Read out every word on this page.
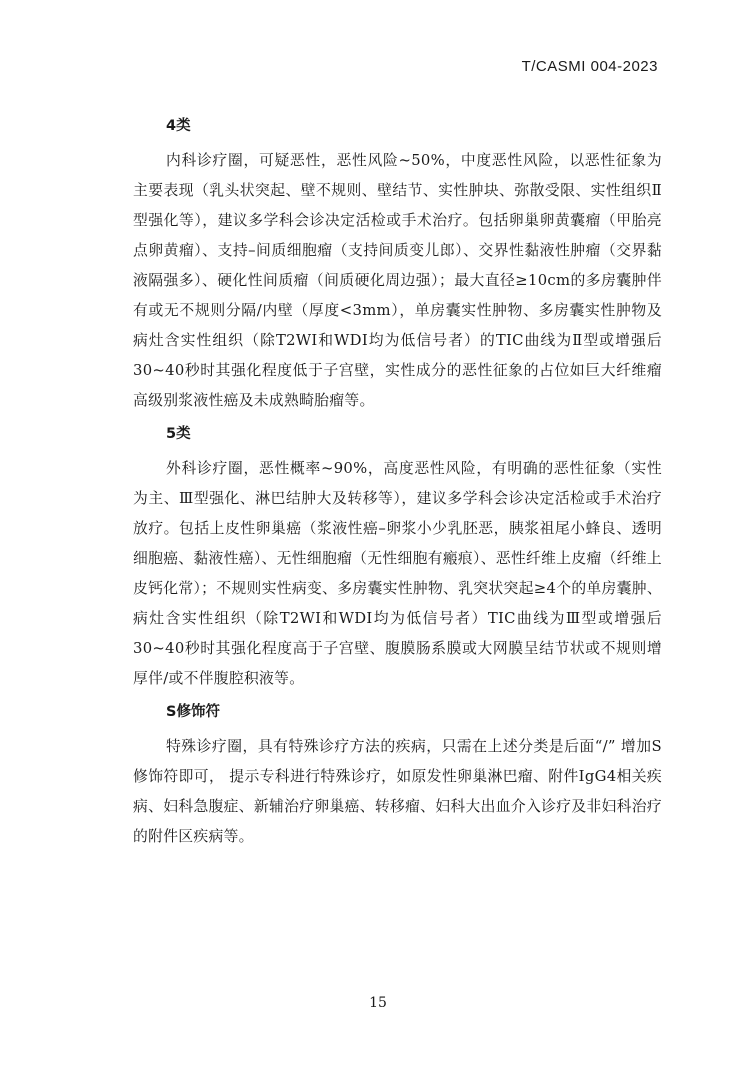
T/CASMI 004-2023
4类

内科诊疗圈，可疑恶性，恶性风险~50%，中度恶性风险，以恶性征象为主要表现（乳头状突起、壁不规则、壁结节、实性肿块、弥散受限、实性组织Ⅱ型强化等），建议多学科会诊决定活检或手术治疗。包括卵巢卵黄囊瘤（甲胎亮点卵黄瘤）、支持–间质细胞瘤（支持间质变儿郎）、交界性黏液性肿瘤（交界黏液隔强多）、硬化性间质瘤（间质硬化周边强）；最大直径≥10cm的多房囊肿伴有或无不规则分隔/内壁（厚度<3mm），单房囊实性肿物、多房囊实性肿物及病灶含实性组织（除T2WI和WDI均为低信号者）的TIC曲线为Ⅱ型或增强后30~40秒时其强化程度低于子宫壁，实性成分的恶性征象的占位如巨大纤维瘤高级别浆液性癌及未成熟畸胎瘤等。

5类

外科诊疗圈，恶性概率~90%，高度恶性风险，有明确的恶性征象（实性为主、Ⅲ型强化、淋巴结肿大及转移等），建议多学科会诊决定活检或手术治疗放疗。包括上皮性卵巢癌（浆液性癌–卵浆小少乳胚恶，胰浆祖尾小蜂良、透明细胞癌、黏液性癌）、无性细胞瘤（无性细胞有瘢痕）、恶性纤维上皮瘤（纤维上皮钙化常）；不规则实性病变、多房囊实性肿物、乳突状突起≥4个的单房囊肿、病灶含实性组织（除T2WI和WDI均为低信号者）TIC曲线为Ⅲ型或增强后30~40秒时其强化程度高于子宫壁、腹膜肠系膜或大网膜呈结节状或不规则增厚伴/或不伴腹腔积液等。

S修饰符

特殊诊疗圈，具有特殊诊疗方法的疾病，只需在上述分类是后面“/” 增加S修饰符即可， 提示专科进行特殊诊疗，如原发性卵巢淋巴瘤、附件IgG4相关疾病、妇科急腹症、新辅治疗卵巢癌、转移瘤、妇科大出血介入诊疗及非妇科治疗的附件区疾病等。

15
